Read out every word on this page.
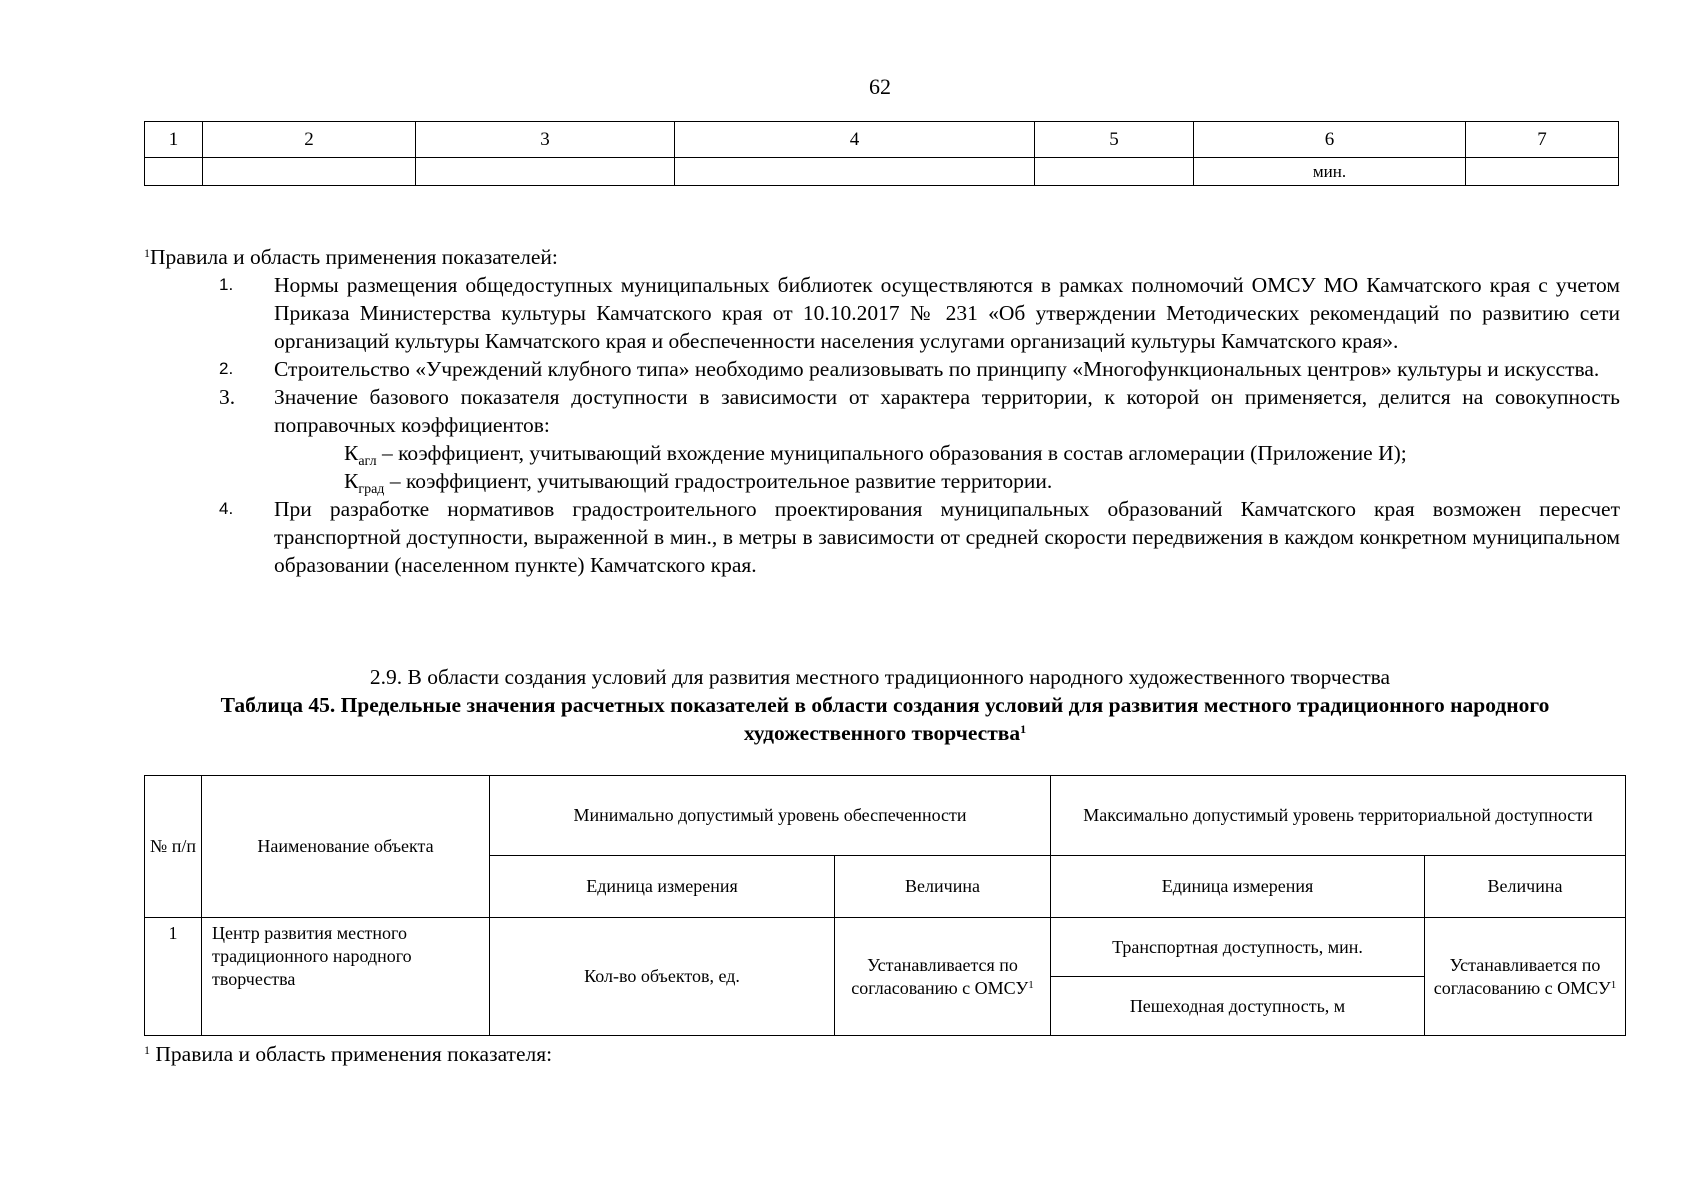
62
1	2	3	4	5	6	7
					мин.	

$^1$Правила и область применения показателей:

1.	Нормы размещения общедоступных муниципальных библиотек осуществляются в рамках полномочий ОМСУ МО Камчатского края с учетом Приказа Министерства культуры Камчатского края от 10.10.2017 № 231 «Об утверждении Методических рекомендаций по развитию сети организаций культуры Камчатского края и обеспеченности населения услугами организаций культуры Камчатского края».
2.	Строительство «Учреждений клубного типа» необходимо реализовывать по принципу «Многофункциональных центров» культуры и искусства.
3.	Значение базового показателя доступности в зависимости от характера территории, к которой он применяется, делится на совокупность поправочных коэффициентов:
$К_{агл}$ – коэффициент, учитывающий вхождение муниципального образования в состав агломерации (Приложение И);
$К_{град}$ – коэффициент, учитывающий градостроительное развитие территории.
4.	При разработке нормативов градостроительного проектирования муниципальных образований Камчатского края возможен пересчет транспортной доступности, выраженной в мин., в метры в зависимости от средней скорости передвижения в каждом конкретном муниципальном образовании (населенном пункте) Камчатского края.
2.9. В области создания условий для развития местного традиционного народного художественного творчества
Таблица 45. Предельные значения расчетных показателей в области создания условий для развития местного традиционного народного художественного творчества$^1$
№ п/п	Наименование объекта	Минимально допустимый уровень обеспеченности		Максимально допустимый уровень территориальной доступности	
		Единица измерения	Величина	Единица измерения	Величина
1	Центр развития местного традиционного народного творчества	Кол-во объектов, ед.	Устанавливается по согласованию с ОМСУ$^1$	Транспортная доступность, мин.	Устанавливается по согласованию с ОМСУ$^1$
				Пешеходная доступность, м	
$^1$ Правила и область применения показателя:
